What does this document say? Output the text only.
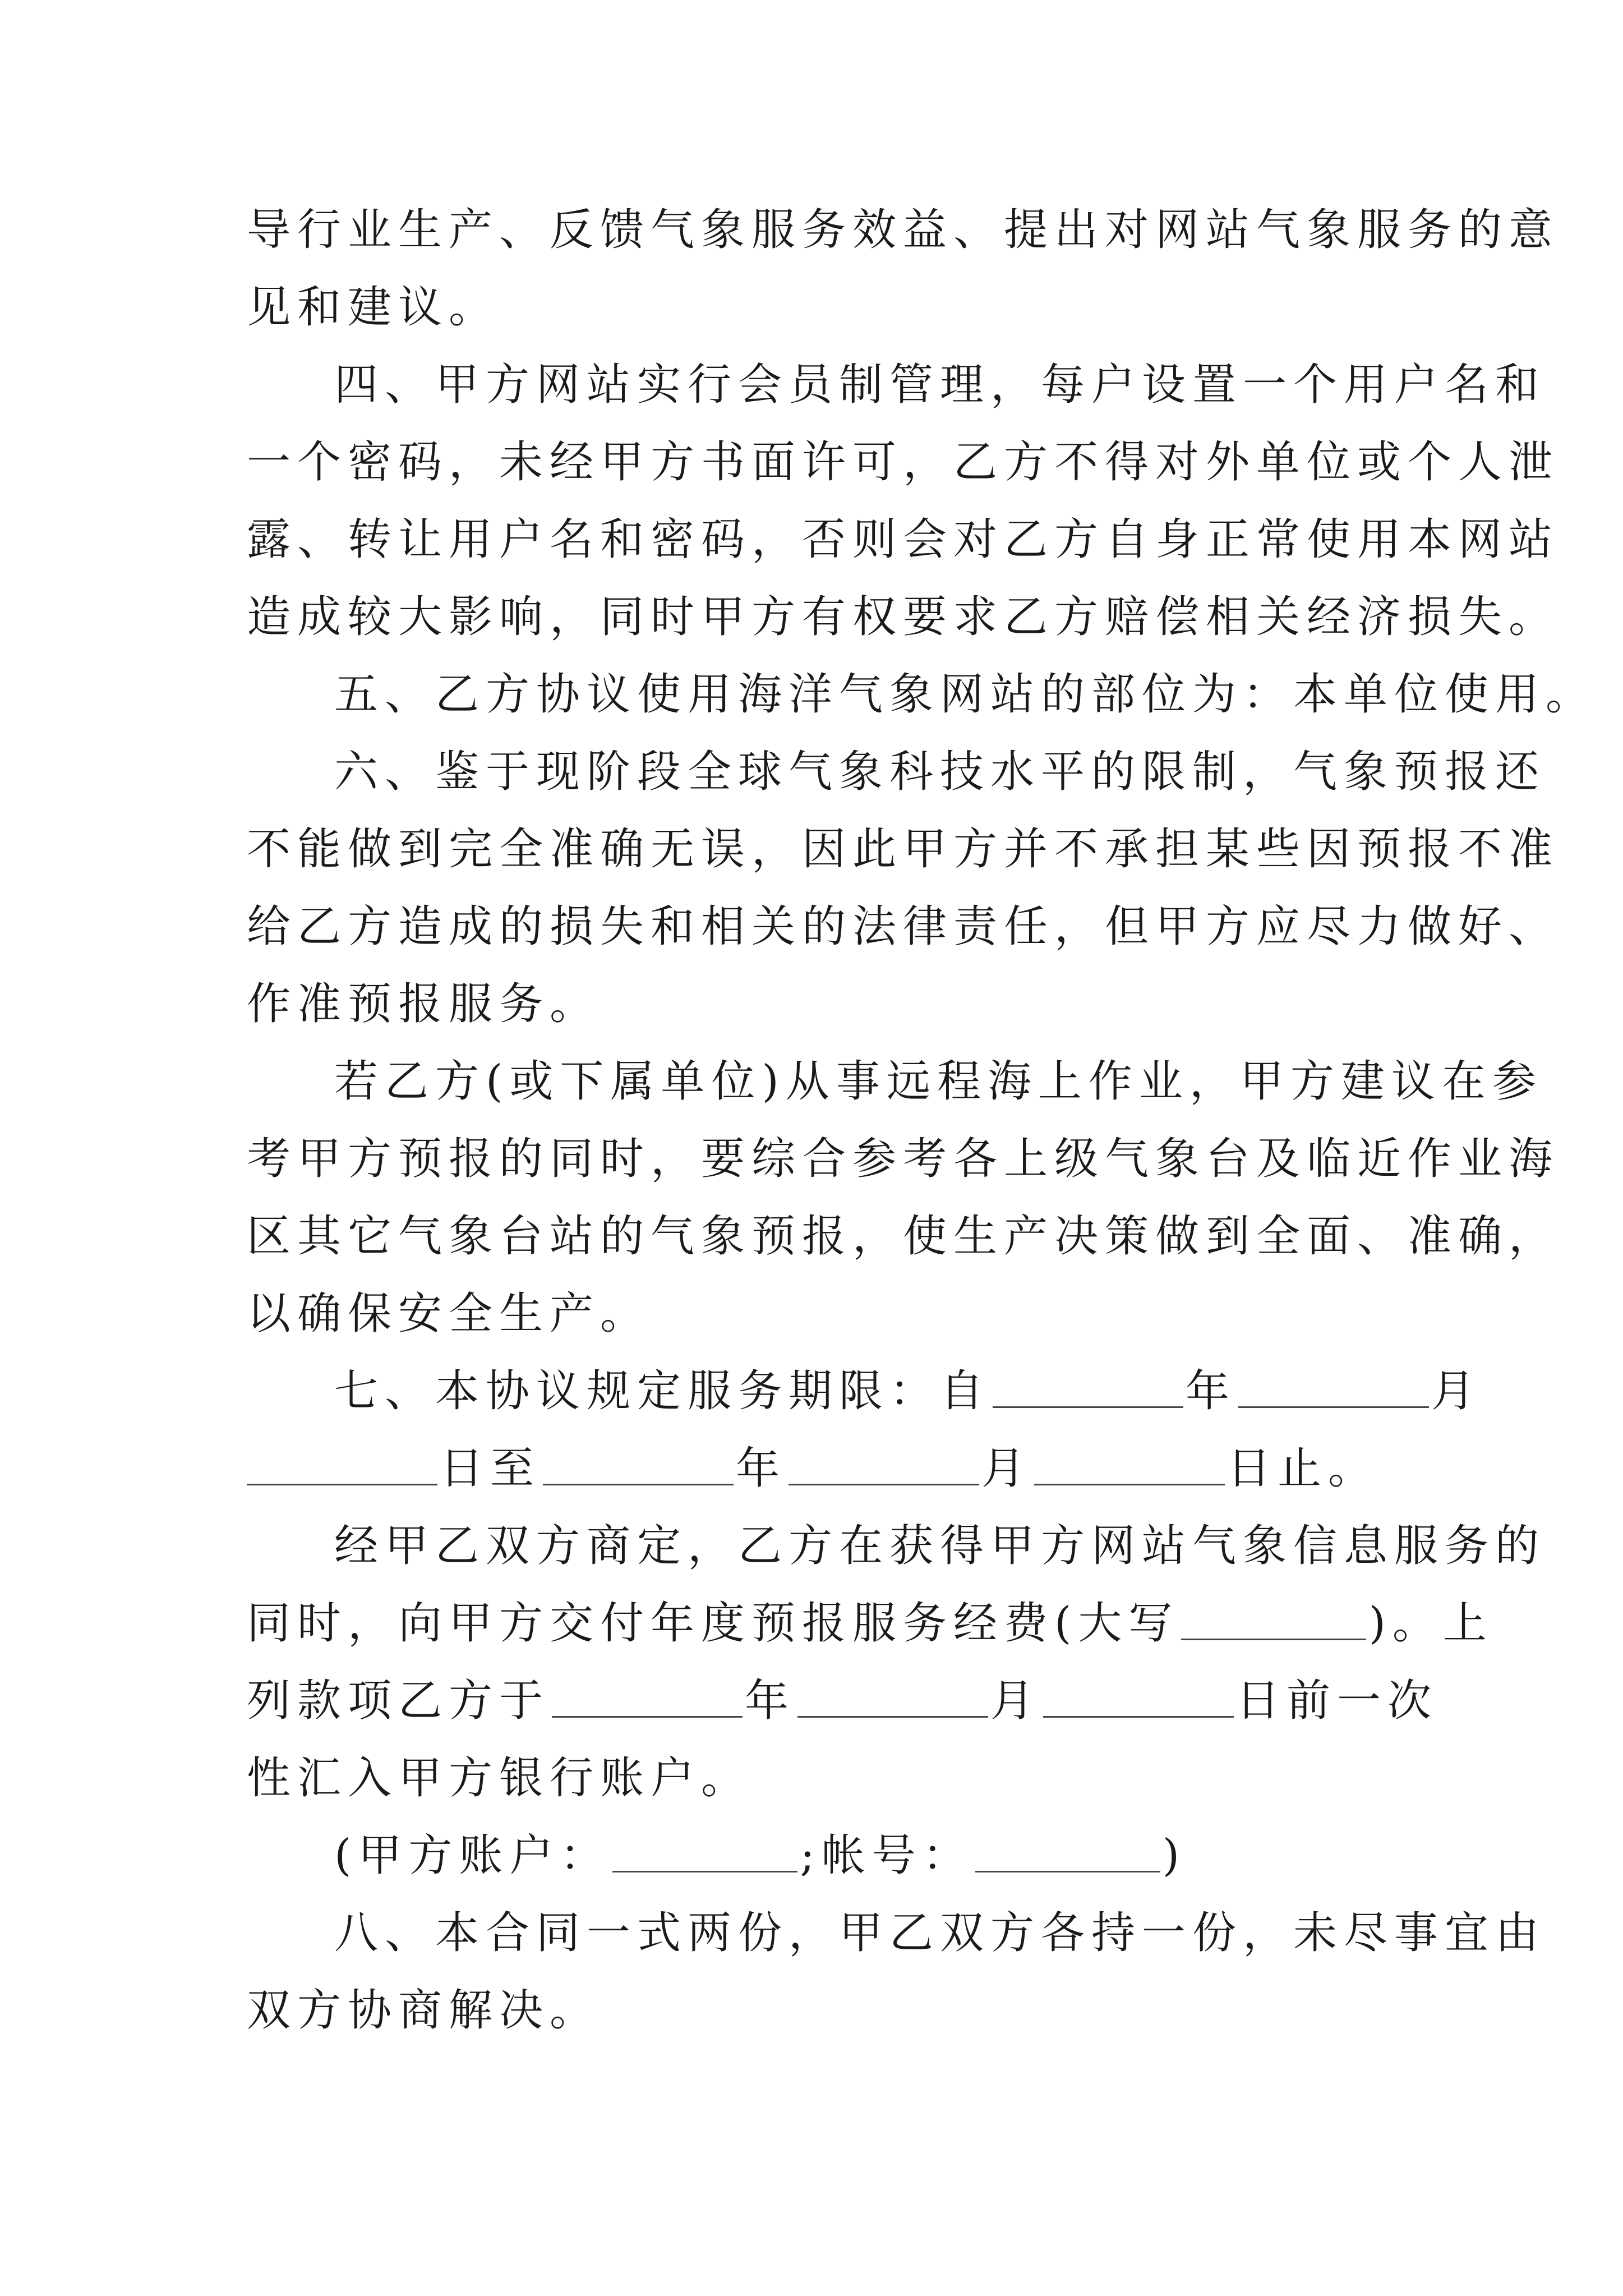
导行业生产、反馈气象服务效益、提出对网站气象服务的意
见和建议。
四、甲方网站实行会员制管理，每户设置一个用户名和
一个密码，未经甲方书面许可，乙方不得对外单位或个人泄
露、转让用户名和密码，否则会对乙方自身正常使用本网站
造成较大影响，同时甲方有权要求乙方赔偿相关经济损失。
五、乙方协议使用海洋气象网站的部位为：本单位使用。
六、鉴于现阶段全球气象科技水平的限制，气象预报还
不能做到完全准确无误，因此甲方并不承担某些因预报不准
给乙方造成的损失和相关的法律责任，但甲方应尽力做好、
作准预报服务。
若乙方(或下属单位)从事远程海上作业，甲方建议在参
考甲方预报的同时，要综合参考各上级气象台及临近作业海
区其它气象台站的气象预报，使生产决策做到全面、准确，
以确保安全生产。
七、本协议规定服务期限：自	年	月
日至	年	月	日止。
经甲乙双方商定，乙方在获得甲方网站气象信息服务的
同时，向甲方交付年度预报服务经费(大写	)。上
列款项乙方于	年	月	日前一次
性汇入甲方银行账户。
(甲方账户：	;帐号：	)
八、本合同一式两份，甲乙双方各持一份，未尽事宜由
双方协商解决。
